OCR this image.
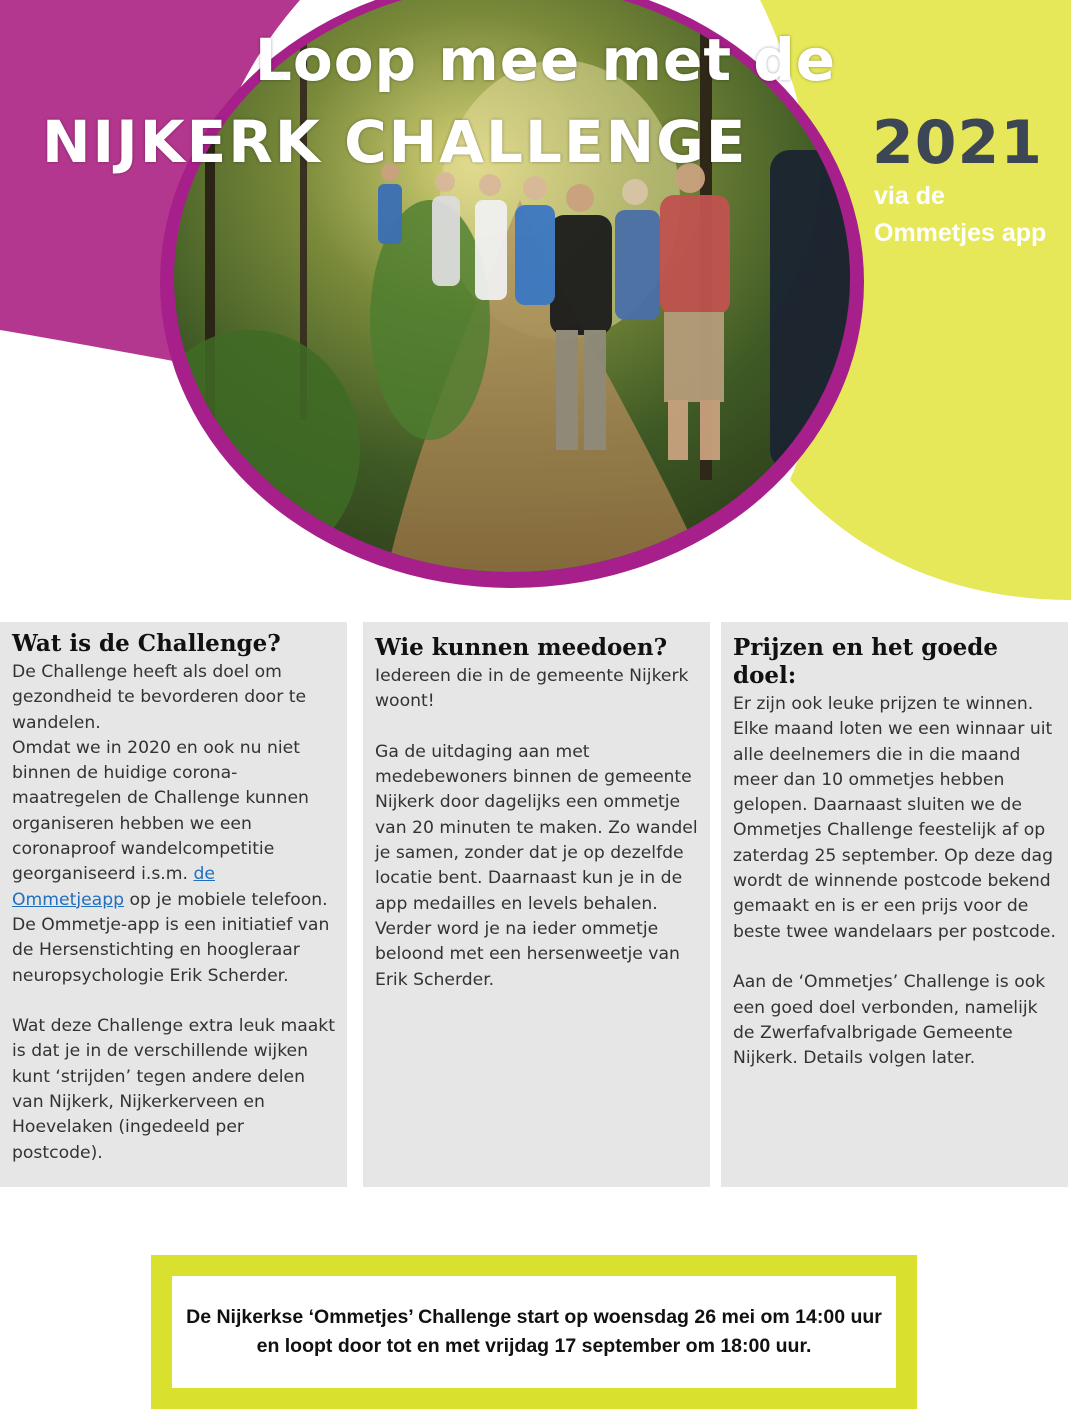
Loop mee met de
NIJKERK CHALLENGE 2021
via de
Ommetjes app
Wat is de Challenge?

De Challenge heeft als doel om
gezondheid te bevorderen door te
wandelen.
Omdat we in 2020 en ook nu niet
binnen de huidige corona-
maatregelen de Challenge kunnen
organiseren hebben we een
coronaproof wandelcompetitie
georganiseerd i.s.m. de
Ommetjeapp op je mobiele telefoon.
De Ommetje-app is een initiatief van
de Hersenstichting en hoogleraar
neuropsychologie Erik Scherder.

Wat deze Challenge extra leuk maakt
is dat je in de verschillende wijken
kunt ‘strijden’ tegen andere delen
van Nijkerk, Nijkerkerveen en
Hoevelaken (ingedeeld per
postcode).

Wie kunnen meedoen?

Iedereen die in de gemeente Nijkerk
woont!

Ga de uitdaging aan met
medebewoners binnen de gemeente
Nijkerk door dagelijks een ommetje
van 20 minuten te maken. Zo wandel
je samen, zonder dat je op dezelfde
locatie bent. Daarnaast kun je in de
app medailles en levels behalen.
Verder word je na ieder ommetje
beloond met een hersenweetje van
Erik Scherder.

Prijzen en het goede doel:

Er zijn ook leuke prijzen te winnen.
Elke maand loten we een winnaar uit
alle deelnemers die in die maand
meer dan 10 ommetjes hebben
gelopen. Daarnaast sluiten we de
Ommetjes Challenge feestelijk af op
zaterdag 25 september. Op deze dag
wordt de winnende postcode bekend
gemaakt en is er een prijs voor de
beste twee wandelaars per postcode.

Aan de ‘Ommetjes’ Challenge is ook
een goed doel verbonden, namelijk
de Zwerfafvalbrigade Gemeente
Nijkerk. Details volgen later.

De Nijkerkse ‘Ommetjes’ Challenge start op woensdag 26 mei om 14:00 uur
en loopt door tot en met vrijdag 17 september om 18:00 uur.
